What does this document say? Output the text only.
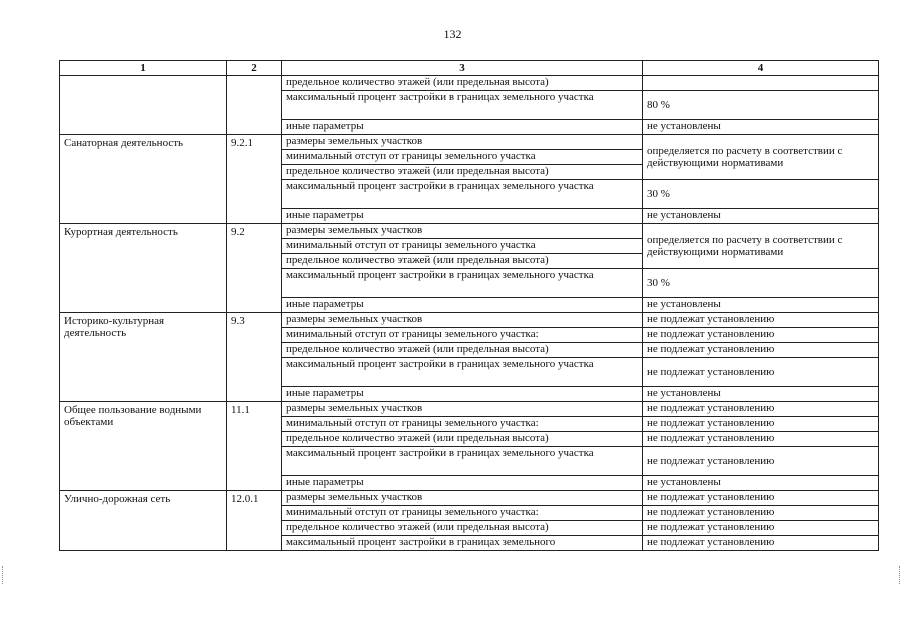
132
1	2	3	4
		предельное количество этажей (или предельная высота)	
		максимальный процент застройки в границах земельного участка	80 %
		иные параметры	не установлены
Санаторная деятельность	9.2.1	размеры земельных участков	определяется по расчету в соответствии с действующими нормативами
		минимальный отступ от границы земельного участка	
		предельное количество этажей (или предельная высота)	
		максимальный процент застройки в границах земельного участка	30 %
		иные параметры	не установлены
Курортная деятельность	9.2	размеры земельных участков	определяется по расчету в соответствии с действующими нормативами
		минимальный отступ от границы земельного участка	
		предельное количество этажей (или предельная высота)	
		максимальный процент застройки в границах земельного участка	30 %
		иные параметры	не установлены
Историко-культурная деятельность	9.3	размеры земельных участков	не подлежат установлению
		минимальный отступ от границы земельного участка:	не подлежат установлению
		предельное количество этажей (или предельная высота)	не подлежат установлению
		максимальный процент застройки в границах земельного участка	не подлежат установлению
		иные параметры	не установлены
Общее пользование водными объектами	11.1	размеры земельных участков	не подлежат установлению
		минимальный отступ от границы земельного участка:	не подлежат установлению
		предельное количество этажей (или предельная высота)	не подлежат установлению
		максимальный процент застройки в границах земельного участка	не подлежат установлению
		иные параметры	не установлены
Улично-дорожная сеть	12.0.1	размеры земельных участков	не подлежат установлению
		минимальный отступ от границы земельного участка:	не подлежат установлению
		предельное количество этажей (или предельная высота)	не подлежат установлению
		максимальный процент застройки в границах земельного	не подлежат установлению
